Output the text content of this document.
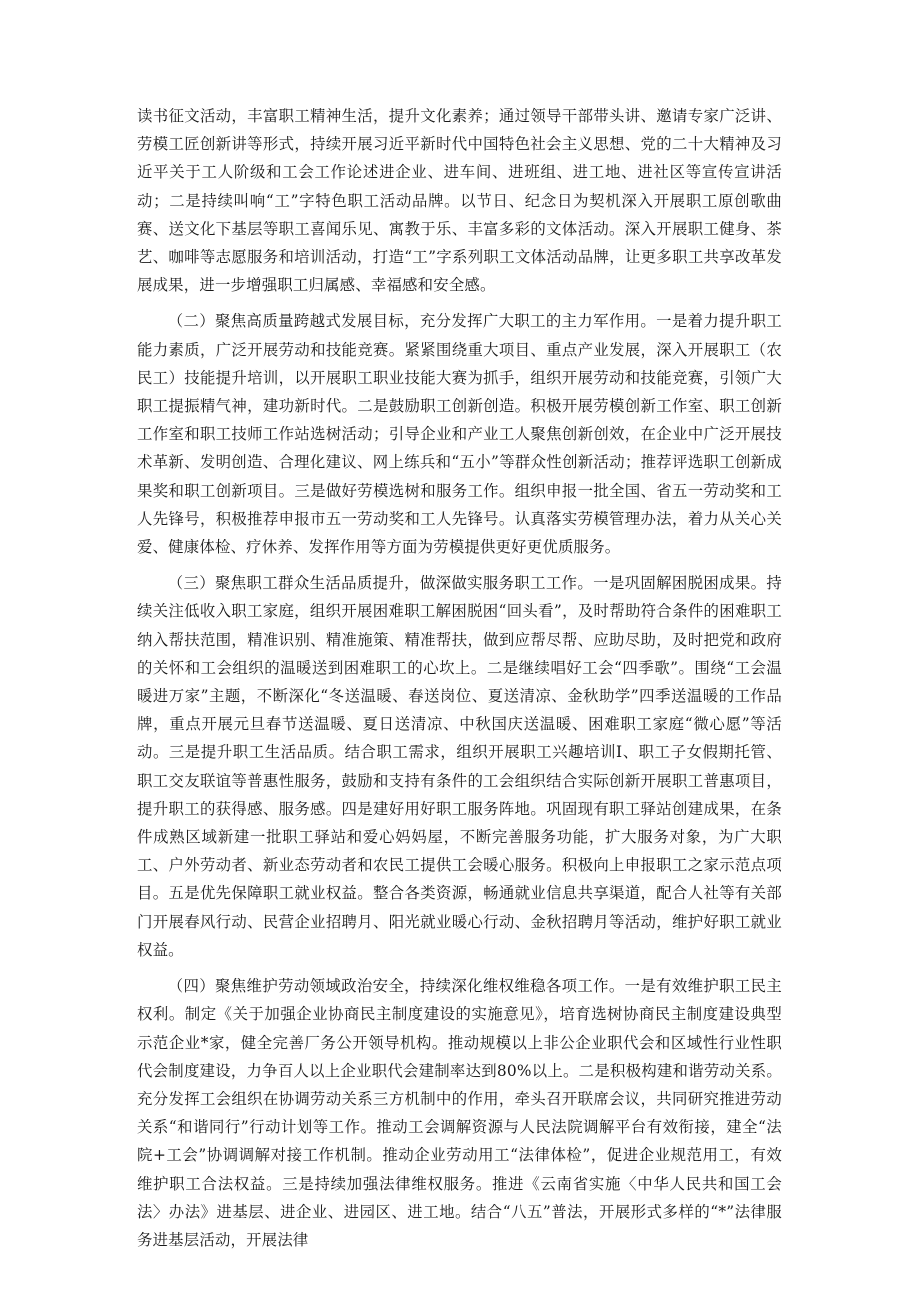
读书征文活动，丰富职工精神生活，提升文化素养；通过领导干部带头讲、邀请专家广泛讲、劳模工匠创新讲等形式，持续开展习近平新时代中国特色社会主义思想、党的二十大精神及习近平关于工人阶级和工会工作论述进企业、进车间、进班组、进工地、进社区等宣传宣讲活动；二是持续叫响“工”字特色职工活动品牌。以节日、纪念日为契机深入开展职工原创歌曲赛、送文化下基层等职工喜闻乐见、寓教于乐、丰富多彩的文体活动。深入开展职工健身、茶艺、咖啡等志愿服务和培训活动，打造“工”字系列职工文体活动品牌，让更多职工共享改革发展成果，进一步增强职工归属感、幸福感和安全感。

（二）聚焦高质量跨越式发展目标，充分发挥广大职工的主力军作用。一是着力提升职工能力素质，广泛开展劳动和技能竞赛。紧紧围绕重大项目、重点产业发展，深入开展职工（农民工）技能提升培训，以开展职工职业技能大赛为抓手，组织开展劳动和技能竞赛，引领广大职工提振精气神，建功新时代。二是鼓励职工创新创造。积极开展劳模创新工作室、职工创新工作室和职工技师工作站选树活动；引导企业和产业工人聚焦创新创效，在企业中广泛开展技术革新、发明创造、合理化建议、网上练兵和“五小”等群众性创新活动；推荐评选职工创新成果奖和职工创新项目。三是做好劳模选树和服务工作。组织申报一批全国、省五一劳动奖和工人先锋号，积极推荐申报市五一劳动奖和工人先锋号。认真落实劳模管理办法，着力从关心关爱、健康体检、疗休养、发挥作用等方面为劳模提供更好更优质服务。

（三）聚焦职工群众生活品质提升，做深做实服务职工工作。一是巩固解困脱困成果。持续关注低收入职工家庭，组织开展困难职工解困脱困“回头看”，及时帮助符合条件的困难职工纳入帮扶范围，精准识别、精准施策、精准帮扶，做到应帮尽帮、应助尽助，及时把党和政府的关怀和工会组织的温暖送到困难职工的心坎上。二是继续唱好工会“四季歌”。围绕“工会温暖进万家”主题，不断深化“冬送温暖、春送岗位、夏送清凉、金秋助学”四季送温暖的工作品牌，重点开展元旦春节送温暖、夏日送清凉、中秋国庆送温暖、困难职工家庭“微心愿”等活动。三是提升职工生活品质。结合职工需求，组织开展职工兴趣培训Ⅰ、职工子女假期托管、职工交友联谊等普惠性服务，鼓励和支持有条件的工会组织结合实际创新开展职工普惠项目，提升职工的获得感、服务感。四是建好用好职工服务阵地。巩固现有职工驿站创建成果，在条件成熟区域新建一批职工驿站和爱心妈妈屋，不断完善服务功能，扩大服务对象，为广大职工、户外劳动者、新业态劳动者和农民工提供工会暖心服务。积极向上申报职工之家示范点项目。五是优先保障职工就业权益。整合各类资源，畅通就业信息共享渠道，配合人社等有关部门开展春风行动、民营企业招聘月、阳光就业暖心行动、金秋招聘月等活动，维护好职工就业权益。

（四）聚焦维护劳动领域政治安全，持续深化维权维稳各项工作。一是有效维护职工民主权利。制定《关于加强企业协商民主制度建设的实施意见》，培育选树协商民主制度建设典型示范企业*家，健全完善厂务公开领导机构。推动规模以上非公企业职代会和区域性行业性职代会制度建设，力争百人以上企业职代会建制率达到80%以上。二是积极构建和谐劳动关系。充分发挥工会组织在协调劳动关系三方机制中的作用，牵头召开联席会议，共同研究推进劳动关系“和谐同行”行动计划等工作。推动工会调解资源与人民法院调解平台有效衔接，建全“法院+工会”协调调解对接工作机制。推动企业劳动用工“法律体检”，促进企业规范用工，有效维护职工合法权益。三是持续加强法律维权服务。推进《云南省实施〈中华人民共和国工会法〉办法》进基层、进企业、进园区、进工地。结合“八五”普法，开展形式多样的“*”法律服务进基层活动，开展法律
